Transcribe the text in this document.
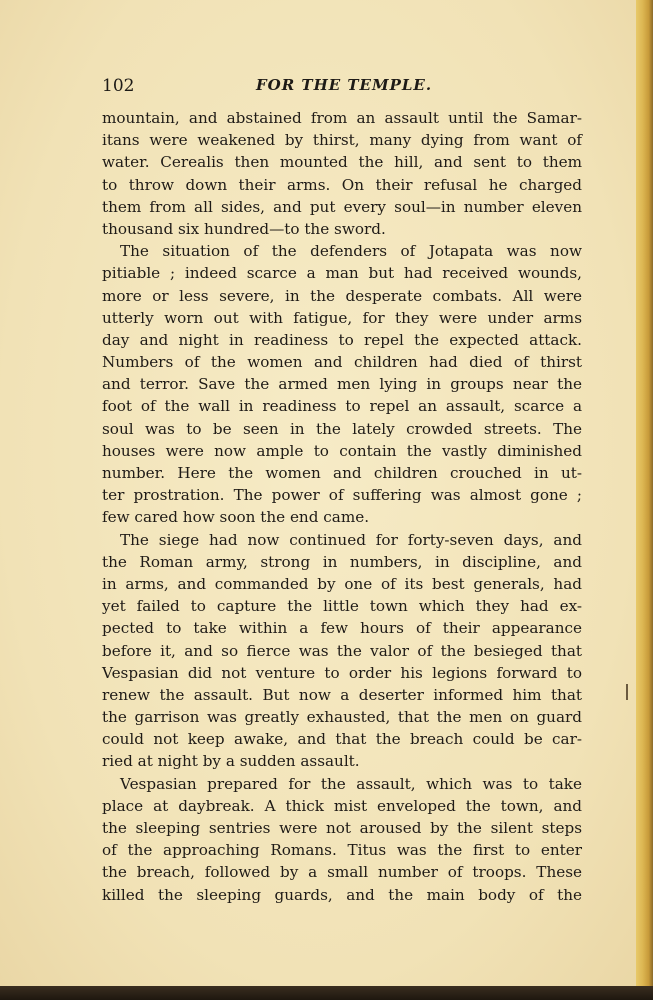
102	FOR THE TEMPLE.
mountain, and abstained from an assault until the Samar-
itans were weakened by thirst, many dying from want of
water. Cerealis then mounted the hill, and sent to them
to throw down their arms. On their refusal he charged
them from all sides, and put every soul—in number eleven
thousand six hundred—to the sword.
The situation of the defenders of Jotapata was now
pitiable ; indeed scarce a man but had received wounds,
more or less severe, in the desperate combats. All were
utterly worn out with fatigue, for they were under arms
day and night in readiness to repel the expected attack.
Numbers of the women and children had died of thirst
and terror. Save the armed men lying in groups near the
foot of the wall in readiness to repel an assault, scarce a
soul was to be seen in the lately crowded streets. The
houses were now ample to contain the vastly diminished
number. Here the women and children crouched in ut-
ter prostration. The power of suffering was almost gone ;
few cared how soon the end came.
The siege had now continued for forty-seven days, and
the Roman army, strong in numbers, in discipline, and
in arms, and commanded by one of its best generals, had
yet failed to capture the little town which they had ex-
pected to take within a few hours of their appearance
before it, and so fierce was the valor of the besieged that
Vespasian did not venture to order his legions forward to
renew the assault. But now a deserter informed him that
the garrison was greatly exhausted, that the men on guard
could not keep awake, and that the breach could be car-
ried at night by a sudden assault.
Vespasian prepared for the assault, which was to take
place at daybreak. A thick mist enveloped the town, and
the sleeping sentries were not aroused by the silent steps
of the approaching Romans. Titus was the first to enter
the breach, followed by a small number of troops. These
killed the sleeping guards, and the main body of the
